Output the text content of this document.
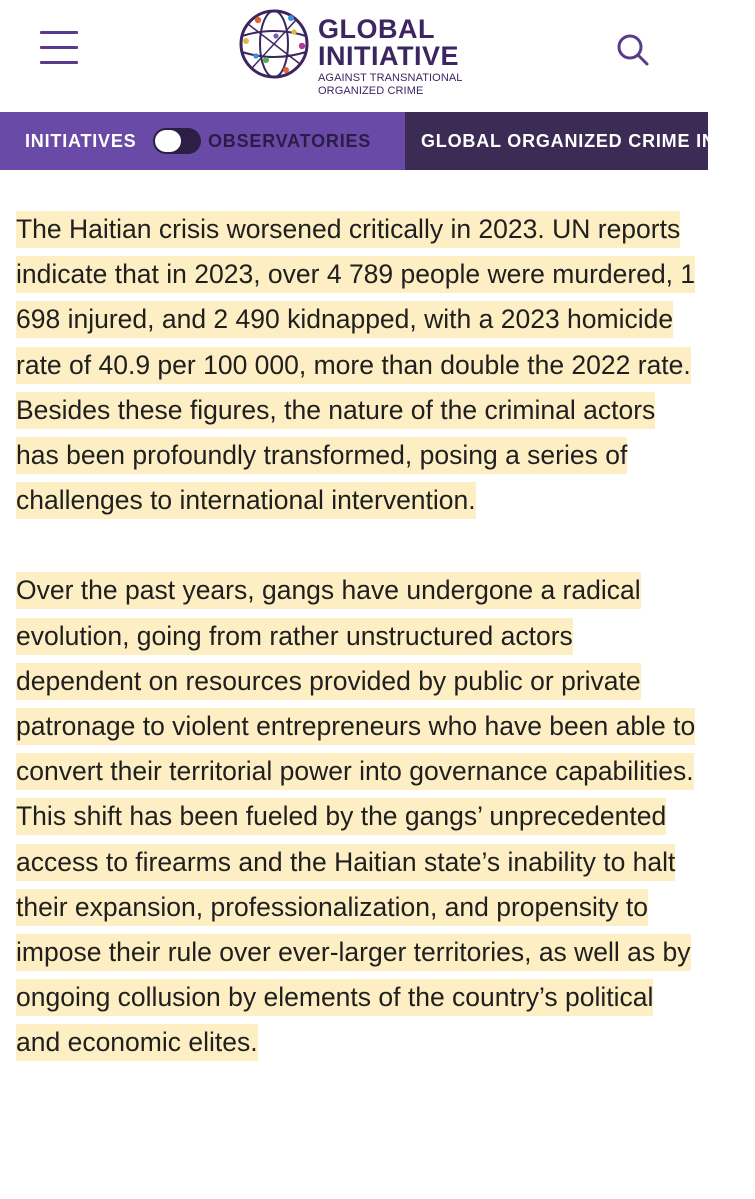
GLOBAL
INITIATIVE
AGAINST TRANSNATIONAL
ORGANIZED CRIME
INITIATIVES	OBSERVATORIES	GLOBAL ORGANIZED CRIME INDEX

The Haitian crisis worsened critically in 2023. UN reports indicate that in 2023, over 4 789 people were murdered, 1 698 injured, and 2 490 kidnapped, with a 2023 homicide rate of 40.9 per 100 000, more than double the 2022 rate. Besides these figures, the nature of the criminal actors has been profoundly transformed, posing a series of challenges to international intervention.

Over the past years, gangs have undergone a radical evolution, going from rather unstructured actors dependent on resources provided by public or private patronage to violent entrepreneurs who have been able to convert their territorial power into governance capabilities. This shift has been fueled by the gangs’ unprecedented access to firearms and the Haitian state’s inability to halt their expansion, professionalization, and propensity to impose their rule over ever-larger territories, as well as by ongoing collusion by elements of the country’s political and economic elites.
